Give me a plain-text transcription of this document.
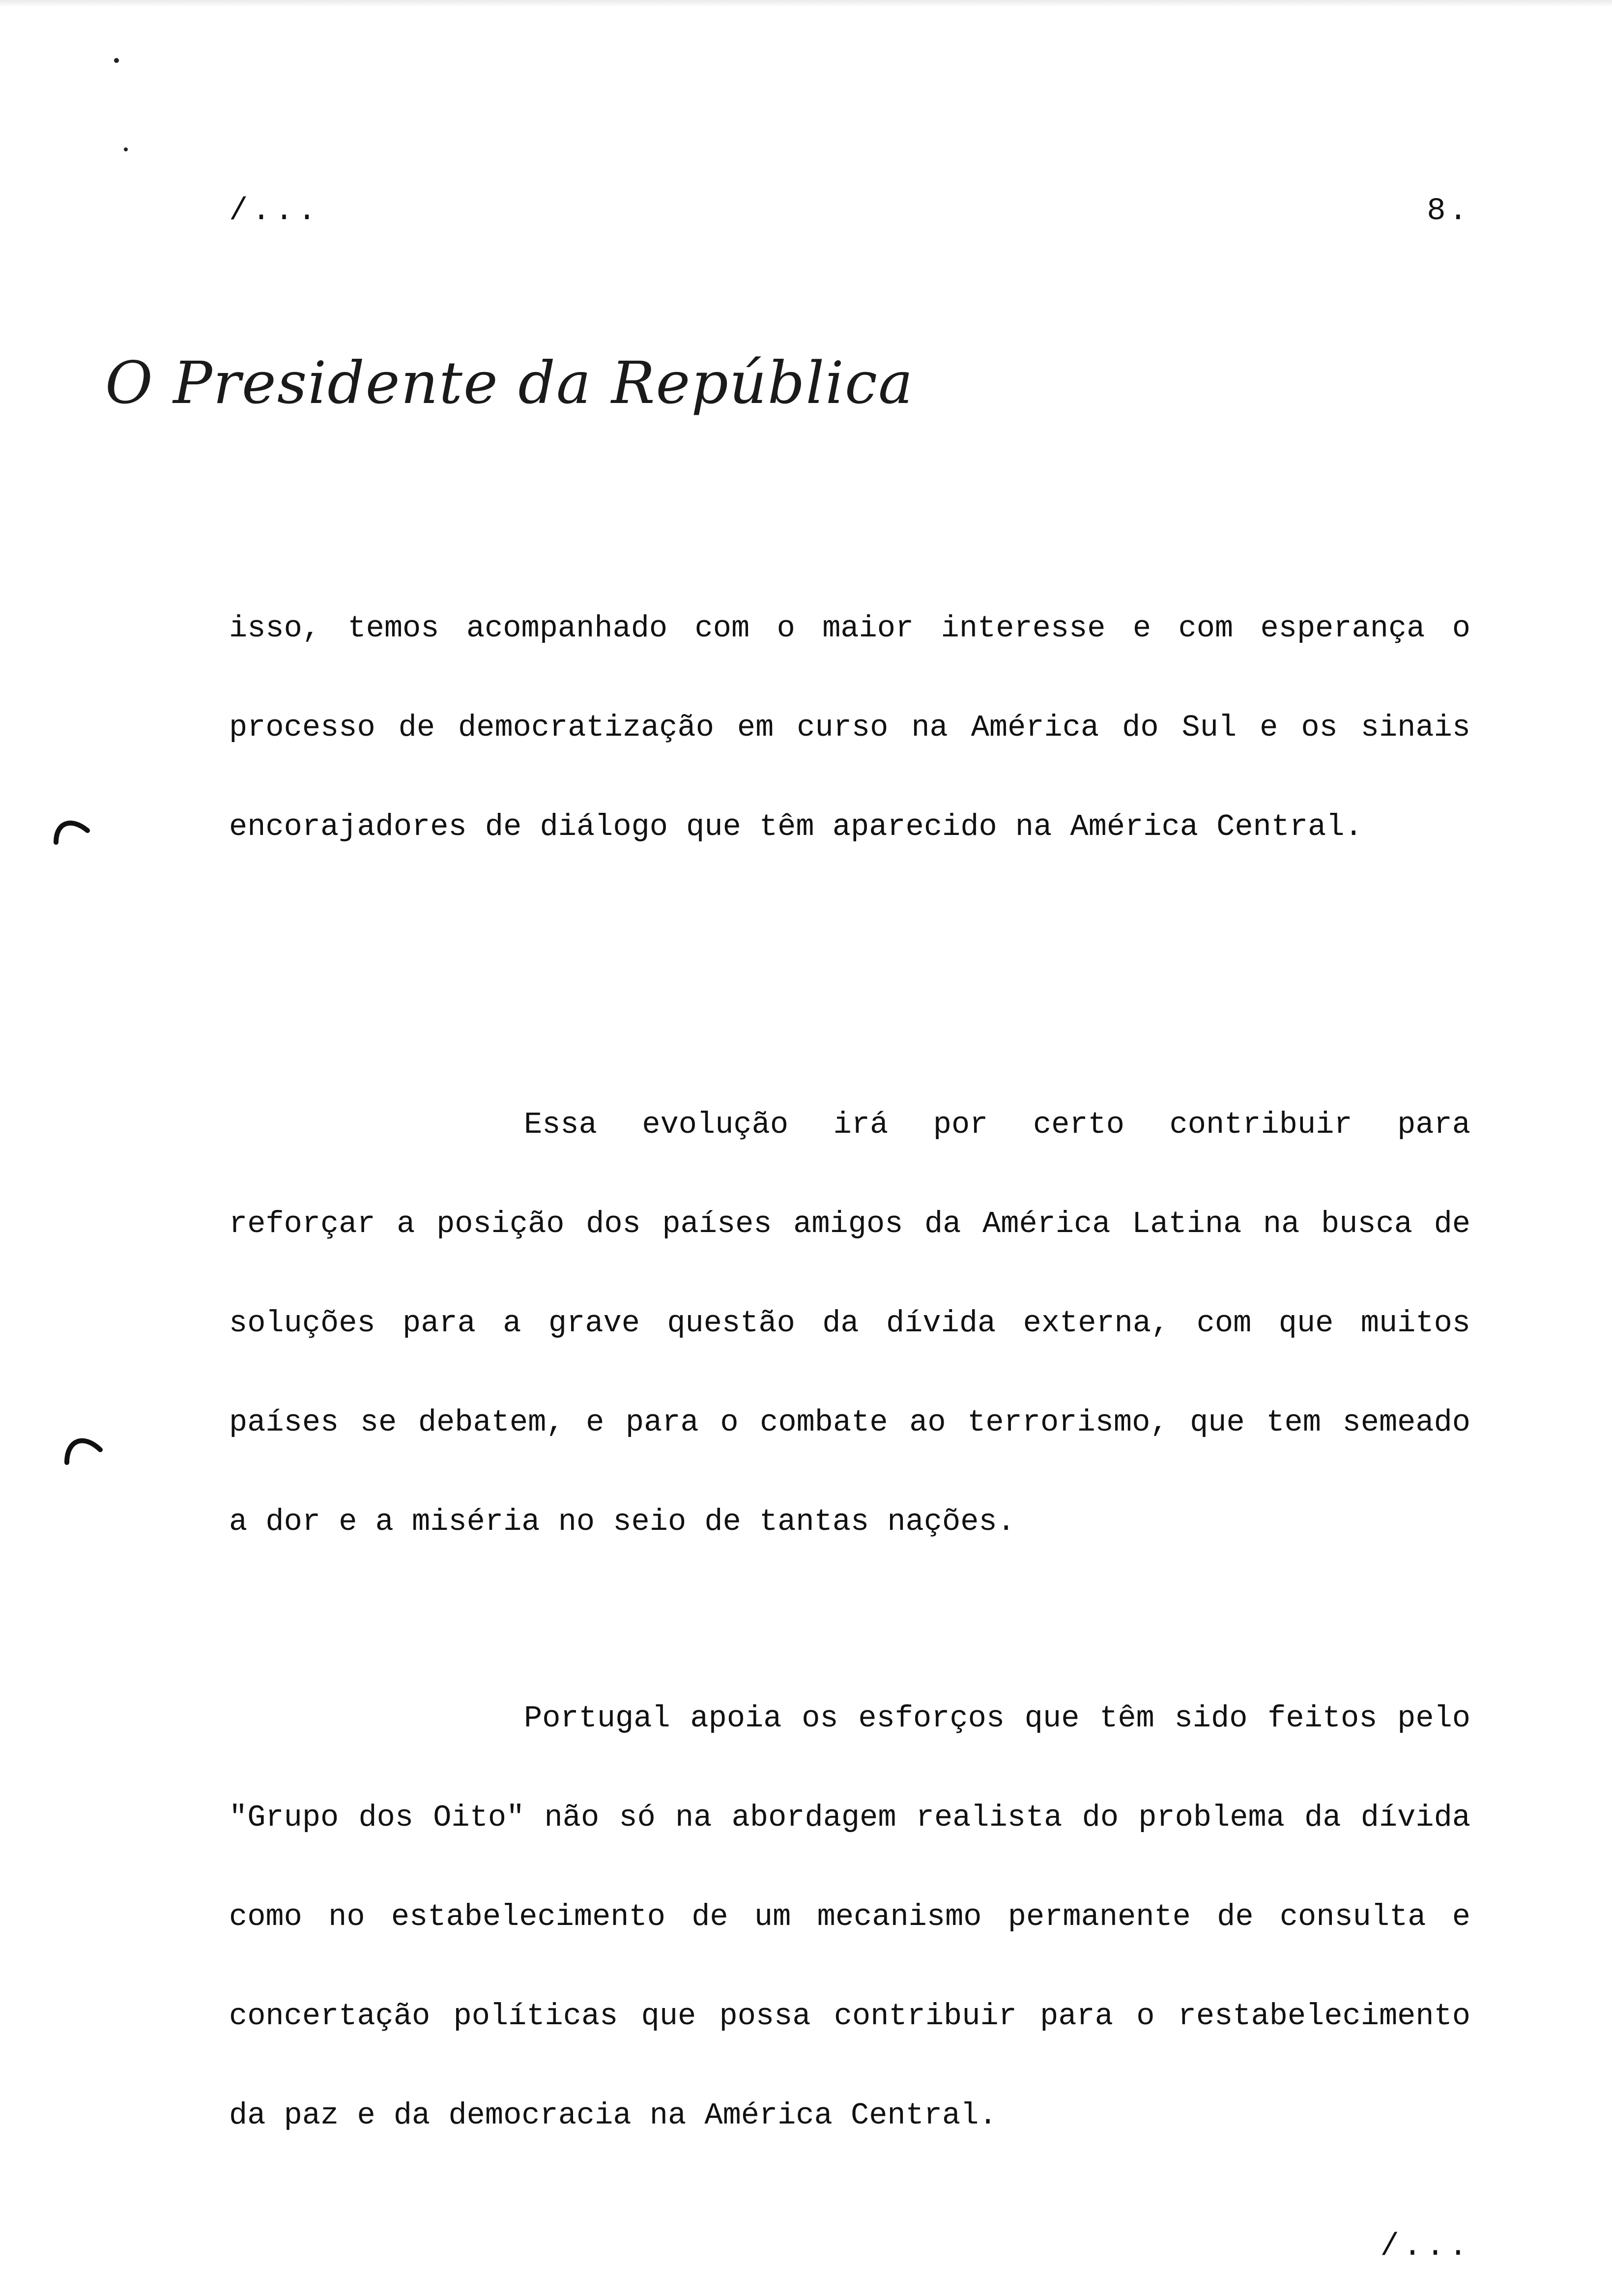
/...	8.
O Presidente da República

isso, temos acompanhado com o maior interesse e com esperança o processo de democratização em curso na América do Sul e os sinais encorajadores de diálogo que têm aparecido na América Central.

Essa evolução irá por certo contribuir para reforçar a posição dos países amigos da América Latina na busca de soluções para a grave questão da dívida externa, com que muitos países se debatem, e para o combate ao terrorismo, que tem semeado a dor e a miséria no seio de tantas nações.

Portugal apoia os esforços que têm sido feitos pelo "Grupo dos Oito" não só na abordagem realista do problema da dívida como no estabelecimento de um mecanismo permanente de consulta e concertação políticas que possa contribuir para o restabelecimento da paz e da democracia na América Central.

/...
